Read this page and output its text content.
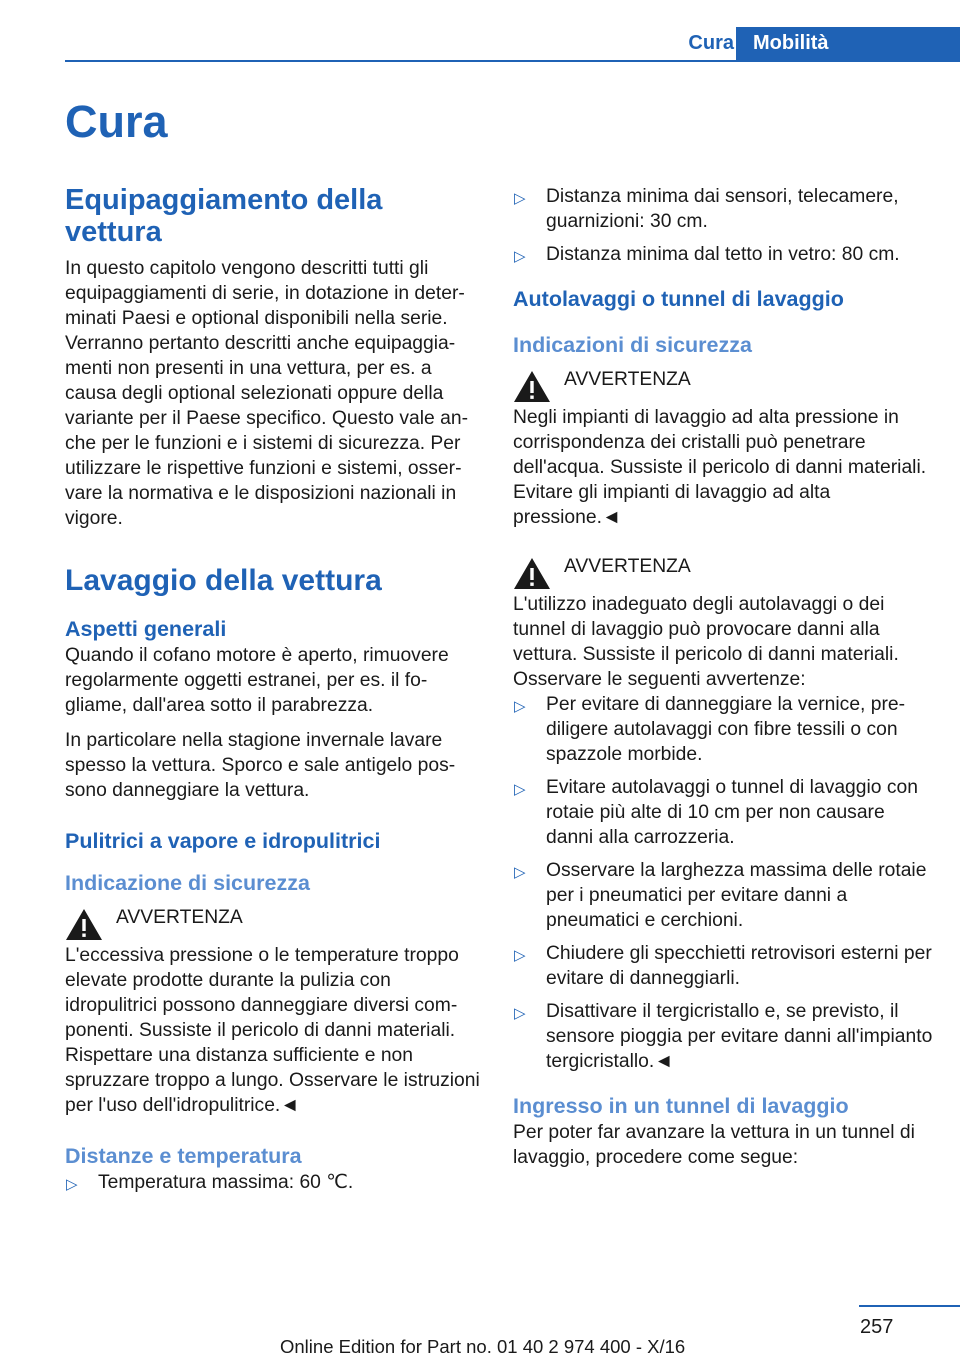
Cura Mobilità
Cura
Equipaggiamento della vettura

In questo capitolo vengono descritti tutti gli equipaggiamenti di serie, in dotazione in determinati Paesi e optional disponibili nella serie. Verranno pertanto descritti anche equipaggiamenti non presenti in una vettura, per es. a causa degli optional selezionati oppure della variante per il Paese specifico. Questo vale anche per le funzioni e i sistemi di sicurezza. Per utilizzare le rispettive funzioni e sistemi, osservare la normativa e le disposizioni nazionali in vigore.

Lavaggio della vettura
Aspetti generali

Quando il cofano motore è aperto, rimuovere regolarmente oggetti estranei, per es. il fogliame, dall'area sotto il parabrezza.

In particolare nella stagione invernale lavare spesso la vettura. Sporco e sale antigelo possono danneggiare la vettura.

Pulitrici a vapore e idropulitrici
Indicazione di sicurezza
AVVERTENZA

L'eccessiva pressione o le temperature troppo elevate prodotte durante la pulizia con idropulitrici possono danneggiare diversi componenti. Sussiste il pericolo di danni materiali. Rispettare una distanza sufficiente e non spruzzare troppo a lungo. Osservare le istruzioni per l'uso dell'idropulitrice.◄

Distanze e temperatura
▷ Temperatura massima: 60 ℃.
▷ Distanza minima dai sensori, telecamere, guarnizioni: 30 cm.
▷ Distanza minima dal tetto in vetro: 80 cm.
Autolavaggi o tunnel di lavaggio
Indicazioni di sicurezza
AVVERTENZA

Negli impianti di lavaggio ad alta pressione in corrispondenza dei cristalli può penetrare dell'acqua. Sussiste il pericolo di danni materiali. Evitare gli impianti di lavaggio ad alta pressione.◄

AVVERTENZA

L'utilizzo inadeguato degli autolavaggi o dei tunnel di lavaggio può provocare danni alla vettura. Sussiste il pericolo di danni materiali. Osservare le seguenti avvertenze:

▷ Per evitare di danneggiare la vernice, prediligere autolavaggi con fibre tessili o con spazzole morbide.
▷ Evitare autolavaggi o tunnel di lavaggio con rotaie più alte di 10 cm per non causare danni alla carrozzeria.
▷ Osservare la larghezza massima delle rotaie per i pneumatici per evitare danni a pneumatici e cerchioni.
▷ Chiudere gli specchietti retrovisori esterni per evitare di danneggiarli.
▷ Disattivare il tergicristallo e, se previsto, il sensore pioggia per evitare danni all'impianto tergicristallo.◄
Ingresso in un tunnel di lavaggio

Per poter far avanzare la vettura in un tunnel di lavaggio, procedere come segue:

257
Online Edition for Part no. 01 40 2 974 400 - X/16
